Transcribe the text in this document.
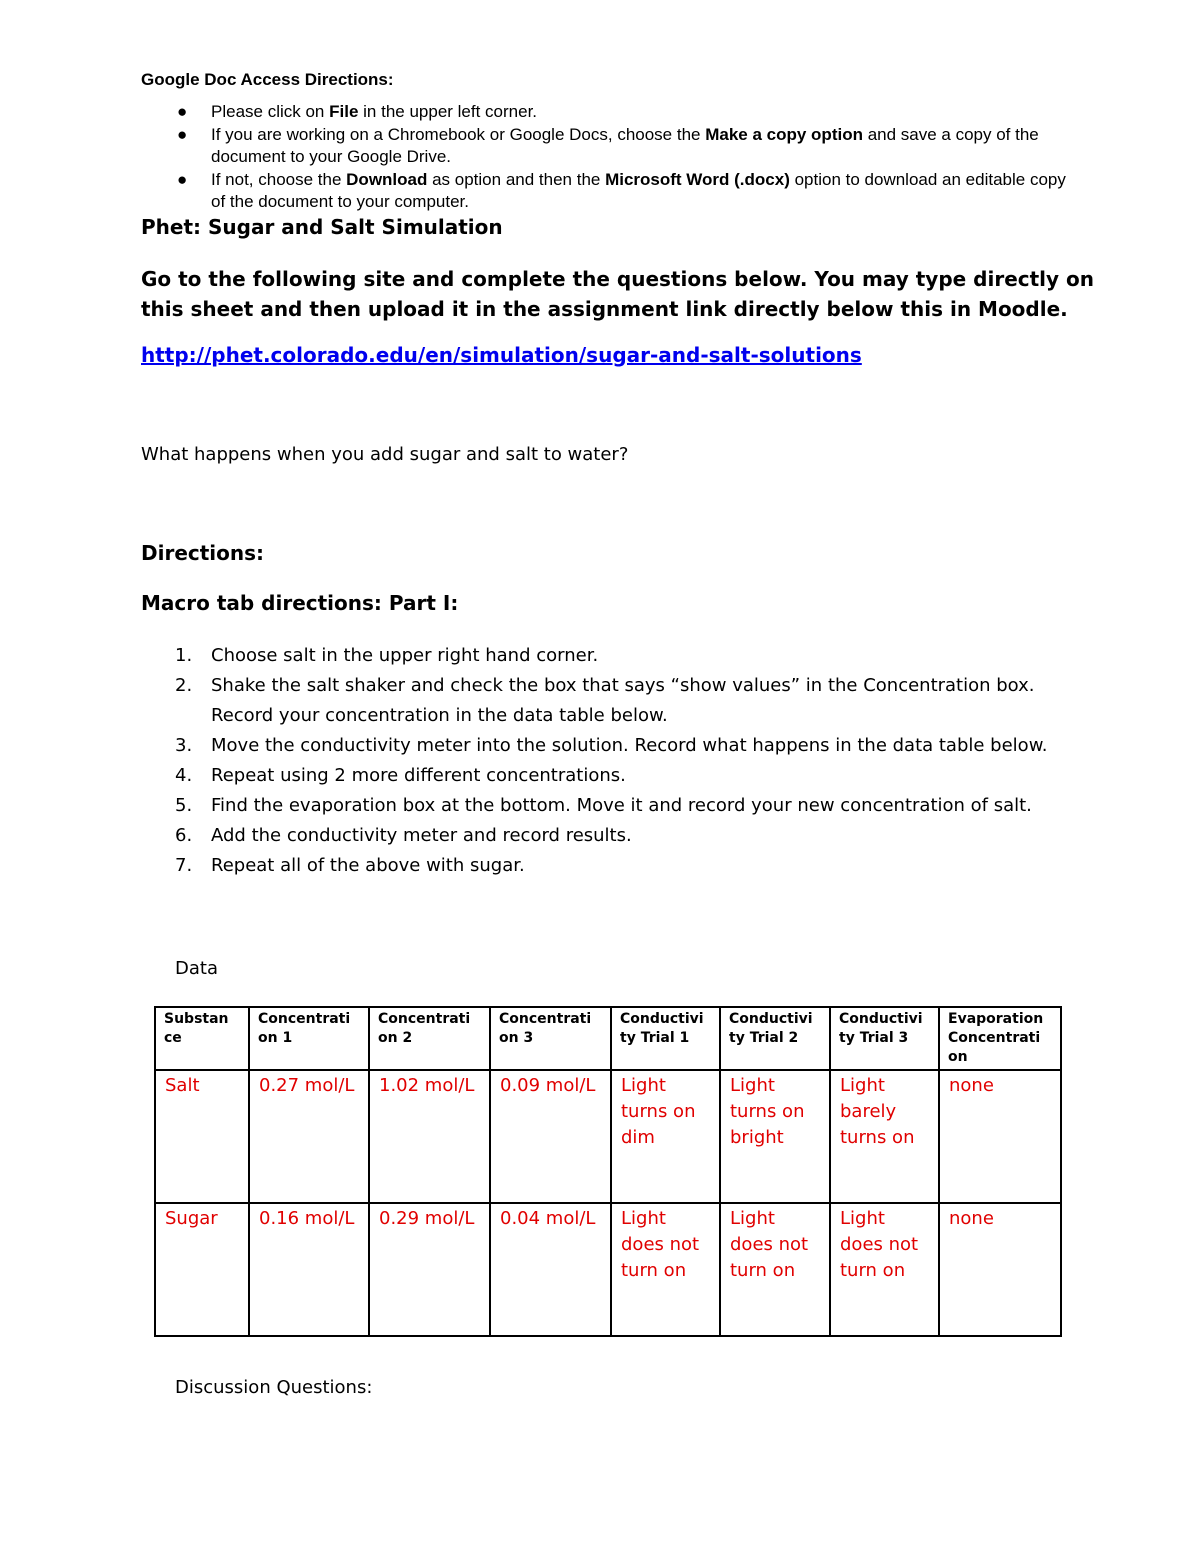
Google Doc Access Directions:
● Please click on File in the upper left corner.
● If you are working on a Chromebook or Google Docs, choose the Make a copy option and save a copy of the document to your Google Drive.
● If not, choose the Download as option and then the Microsoft Word (.docx) option to download an editable copy of the document to your computer.
Phet: Sugar and Salt Simulation
Go to the following site and complete the questions below. You may type directly on this sheet and then upload it in the assignment link directly below this in Moodle.
http://phet.colorado.edu/en/simulation/sugar-and-salt-solutions
What happens when you add sugar and salt to water?
Directions:
Macro tab directions: Part I:
1. Choose salt in the upper right hand corner.
2. Shake the salt shaker and check the box that says “show values” in the Concentration box. Record your concentration in the data table below.
3. Move the conductivity meter into the solution. Record what happens in the data table below.
4. Repeat using 2 more different concentrations.
5. Find the evaporation box at the bottom. Move it and record your new concentration of salt.
6. Add the conductivity meter and record results.
7. Repeat all of the above with sugar.
Data
Substan ce	Concentrati on 1	Concentrati on 2	Concentrati on 3	Conductivi ty Trial 1	Conductivi ty Trial 2	Conductivi ty Trial 3	Evaporation Concentrati on
Salt	0.27 mol/L	1.02 mol/L	0.09 mol/L	Light turns on dim	Light turns on bright	Light barely turns on	none
Sugar	0.16 mol/L	0.29 mol/L	0.04 mol/L	Light does not turn on	Light does not turn on	Light does not turn on	none
Discussion Questions:
